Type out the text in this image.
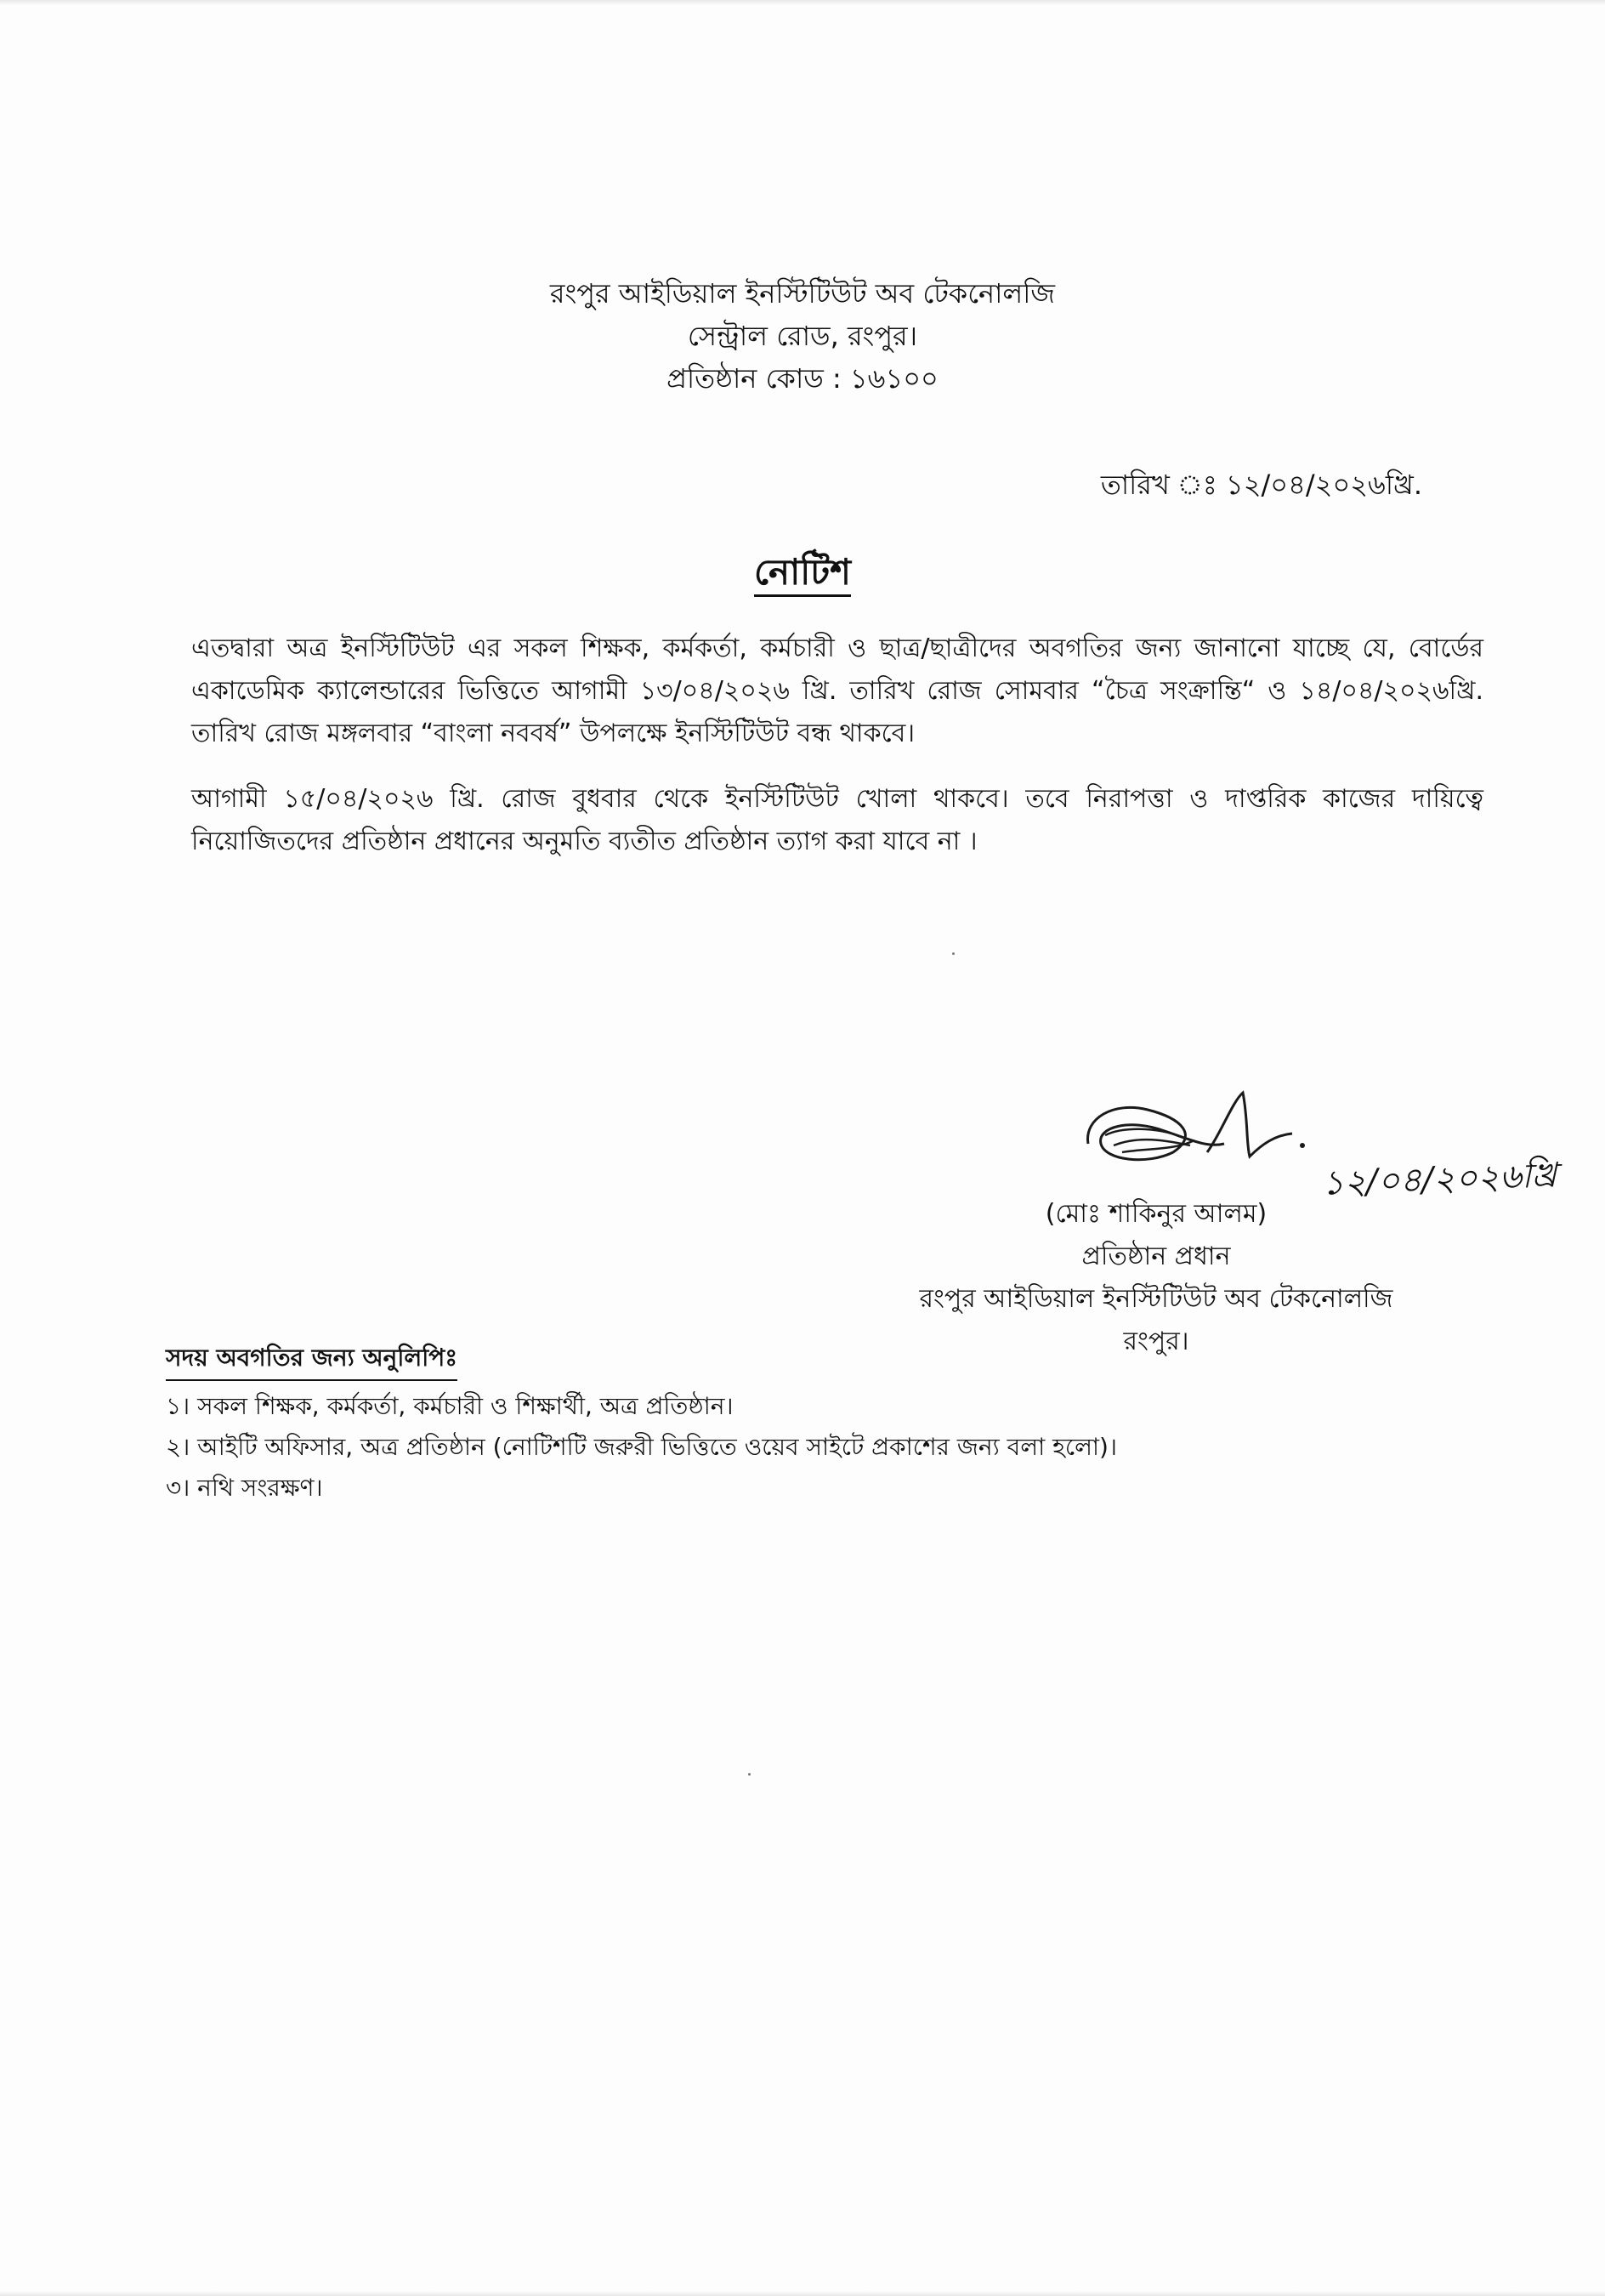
রংপুর আইডিয়াল ইনস্টিটিউট অব টেকনোলজি
সেন্ট্রাল রোড, রংপুর।
প্রতিষ্ঠান কোড : ১৬১০০
তারিখ ঃ ১২/০৪/২০২৬খ্রি.
নোটিশ
এতদ্বারা অত্র ইনস্টিটিউট এর সকল শিক্ষক, কর্মকর্তা, কর্মচারী ও ছাত্র/ছাত্রীদের অবগতির জন্য জানানো যাচ্ছে যে, বোর্ডের একাডেমিক ক্যালেন্ডারের ভিত্তিতে আগামী ১৩/০৪/২০২৬ খ্রি. তারিখ রোজ সোমবার “চৈত্র সংক্রান্তি“ ও ১৪/০৪/২০২৬খ্রি. তারিখ রোজ মঙ্গলবার “বাংলা নববর্ষ” উপলক্ষে ইনস্টিটিউট বন্ধ থাকবে।
আগামী ১৫/০৪/২০২৬ খ্রি. রোজ বুধবার থেকে ইনস্টিটিউট খোলা থাকবে। তবে নিরাপত্তা ও দাপ্তরিক কাজের দায়িত্বে নিয়োজিতদের প্রতিষ্ঠান প্রধানের অনুমতি ব্যতীত প্রতিষ্ঠান ত্যাগ করা যাবে না ।
১২/০৪/২০২৬খ্রি
(মোঃ শাকিনুর আলম)
প্রতিষ্ঠান প্রধান
রংপুর আইডিয়াল ইনস্টিটিউট অব টেকনোলজি
রংপুর।
সদয় অবগতির জন্য অনুলিপিঃ
১। সকল শিক্ষক, কর্মকর্তা, কর্মচারী ও শিক্ষার্থী, অত্র প্রতিষ্ঠান।
২। আইটি অফিসার, অত্র প্রতিষ্ঠান (নোটিশটি জরুরী ভিত্তিতে ওয়েব সাইটে প্রকাশের জন্য বলা হলো)।
৩। নথি সংরক্ষণ।
